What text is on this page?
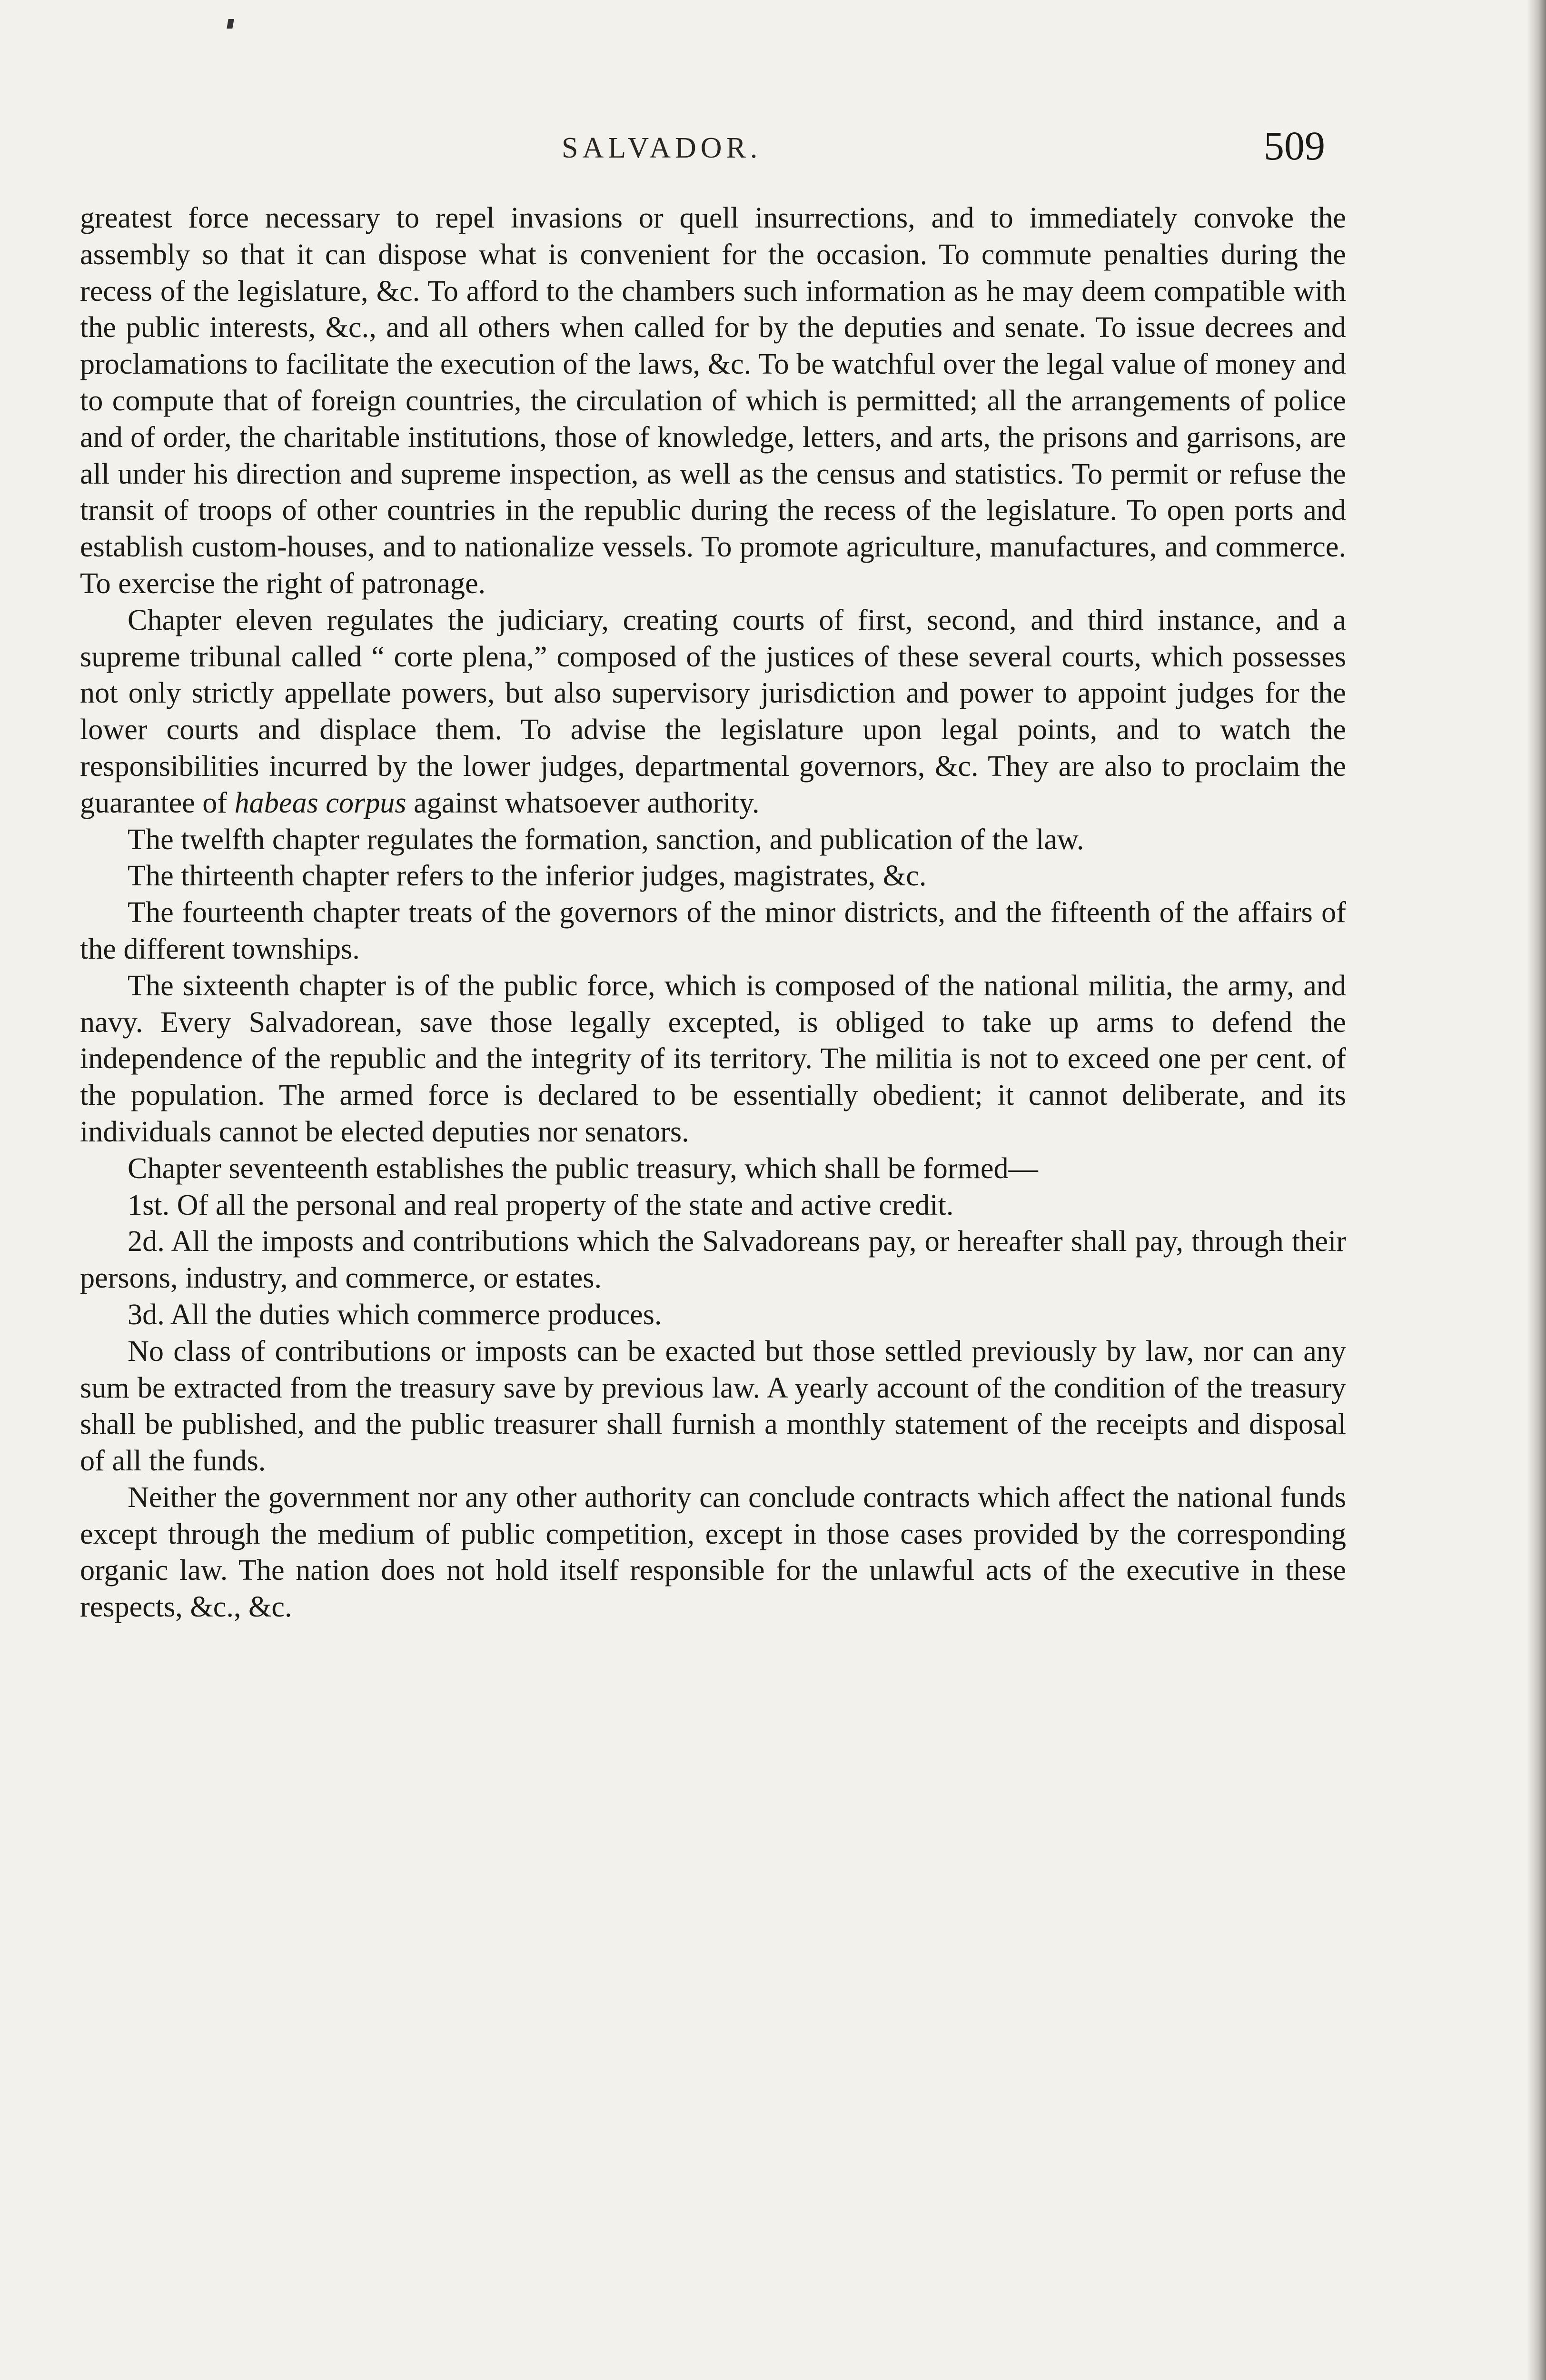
SALVADOR.	509

greatest force necessary to repel invasions or quell insurrections, and to immediately convoke the assembly so that it can dispose what is convenient for the occasion. To commute penalties during the recess of the legislature, &c. To afford to the chambers such information as he may deem compatible with the public interests, &c., and all others when called for by the deputies and senate. To issue decrees and proclamations to facilitate the execution of the laws, &c. To be watchful over the legal value of money and to compute that of foreign countries, the circulation of which is permitted; all the arrangements of police and of order, the charitable institutions, those of knowledge, letters, and arts, the prisons and garrisons, are all under his direction and supreme inspection, as well as the census and statistics. To permit or refuse the transit of troops of other countries in the republic during the recess of the legislature. To open ports and establish custom-houses, and to nationalize vessels. To promote agriculture, manufactures, and commerce. To exercise the right of patronage.

Chapter eleven regulates the judiciary, creating courts of first, second, and third instance, and a supreme tribunal called “ corte plena,” composed of the justices of these several courts, which possesses not only strictly appellate powers, but also supervisory jurisdiction and power to appoint judges for the lower courts and displace them. To advise the legislature upon legal points, and to watch the responsibilities incurred by the lower judges, departmental governors, &c. They are also to proclaim the guarantee of habeas corpus against whatsoever authority.

The twelfth chapter regulates the formation, sanction, and publication of the law.

The thirteenth chapter refers to the inferior judges, magistrates, &c.

The fourteenth chapter treats of the governors of the minor districts, and the fifteenth of the affairs of the different townships.

The sixteenth chapter is of the public force, which is composed of the national militia, the army, and navy. Every Salvadorean, save those legally excepted, is obliged to take up arms to defend the independence of the republic and the integrity of its territory. The militia is not to exceed one per cent. of the population. The armed force is declared to be essentially obedient; it cannot deliberate, and its individuals cannot be elected deputies nor senators.

Chapter seventeenth establishes the public treasury, which shall be formed—

1st. Of all the personal and real property of the state and active credit.

2d. All the imposts and contributions which the Salvadoreans pay, or hereafter shall pay, through their persons, industry, and commerce, or estates.

3d. All the duties which commerce produces.

No class of contributions or imposts can be exacted but those settled previously by law, nor can any sum be extracted from the treasury save by previous law. A yearly account of the condition of the treasury shall be published, and the public treasurer shall furnish a monthly statement of the receipts and disposal of all the funds.

Neither the government nor any other authority can conclude contracts which affect the national funds except through the medium of public competition, except in those cases provided by the corresponding organic law. The nation does not hold itself responsible for the unlawful acts of the executive in these respects, &c., &c.
